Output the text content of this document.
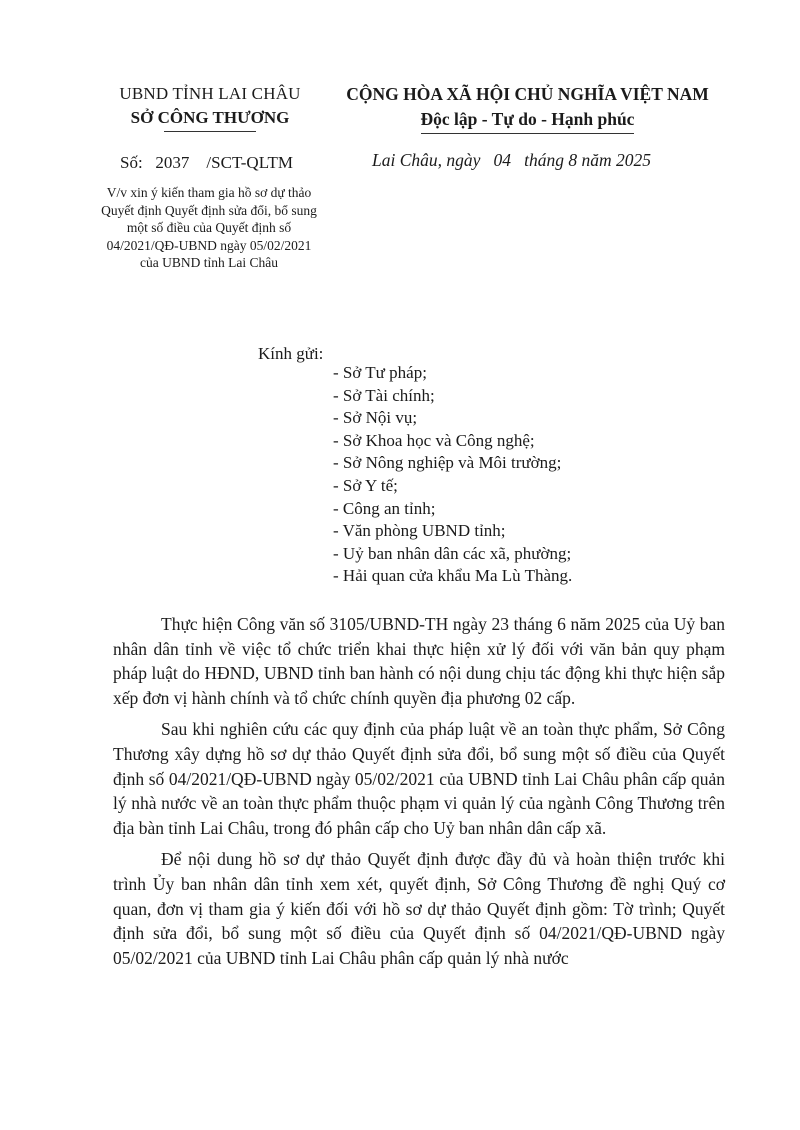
UBND TỈNH LAI CHÂU
SỞ CÔNG THƯƠNG
CỘNG HÒA XÃ HỘI CHỦ NGHĨA VIỆT NAM
Độc lập - Tự do - Hạnh phúc
Số:   2037    /SCT-QLTM	Lai Châu, ngày   04   tháng 8 năm 2025
V/v xin ý kiến tham gia hồ sơ dự thảo Quyết định Quyết định sửa đổi, bổ sung một số điều của Quyết định số 04/2021/QĐ-UBND ngày 05/02/2021 của UBND tỉnh Lai Châu
Kính gửi:
- Sở Tư pháp;
- Sở Tài chính;
- Sở Nội vụ;
- Sở Khoa học và Công nghệ;
- Sở Nông nghiệp và Môi trường;
- Sở Y tế;
- Công an tỉnh;
- Văn phòng UBND tỉnh;
- Uỷ ban nhân dân các xã, phường;
- Hải quan cửa khẩu Ma Lù Thàng.

Thực hiện Công văn số 3105/UBND-TH ngày 23 tháng 6 năm 2025 của Uỷ ban nhân dân tỉnh về việc tổ chức triển khai thực hiện xử lý đối với văn bản quy phạm pháp luật do HĐND, UBND tỉnh ban hành có nội dung chịu tác động khi thực hiện sắp xếp đơn vị hành chính và tổ chức chính quyền địa phương 02 cấp.

Sau khi nghiên cứu các quy định của pháp luật về an toàn thực phẩm, Sở Công Thương xây dựng hồ sơ dự thảo Quyết định sửa đổi, bổ sung một số điều của Quyết định số 04/2021/QĐ-UBND ngày 05/02/2021 của UBND tỉnh Lai Châu phân cấp quản lý nhà nước về an toàn thực phẩm thuộc phạm vi quản lý của ngành Công Thương trên địa bàn tỉnh Lai Châu, trong đó phân cấp cho Uỷ ban nhân dân cấp xã.

Để nội dung hồ sơ dự thảo Quyết định được đầy đủ và hoàn thiện trước khi trình Ủy ban nhân dân tỉnh xem xét, quyết định, Sở Công Thương đề nghị Quý cơ quan, đơn vị tham gia ý kiến đối với hồ sơ dự thảo Quyết định gồm: Tờ trình; Quyết định sửa đổi, bổ sung một số điều của Quyết định số 04/2021/QĐ-UBND ngày 05/02/2021 của UBND tỉnh Lai Châu phân cấp quản lý nhà nước
